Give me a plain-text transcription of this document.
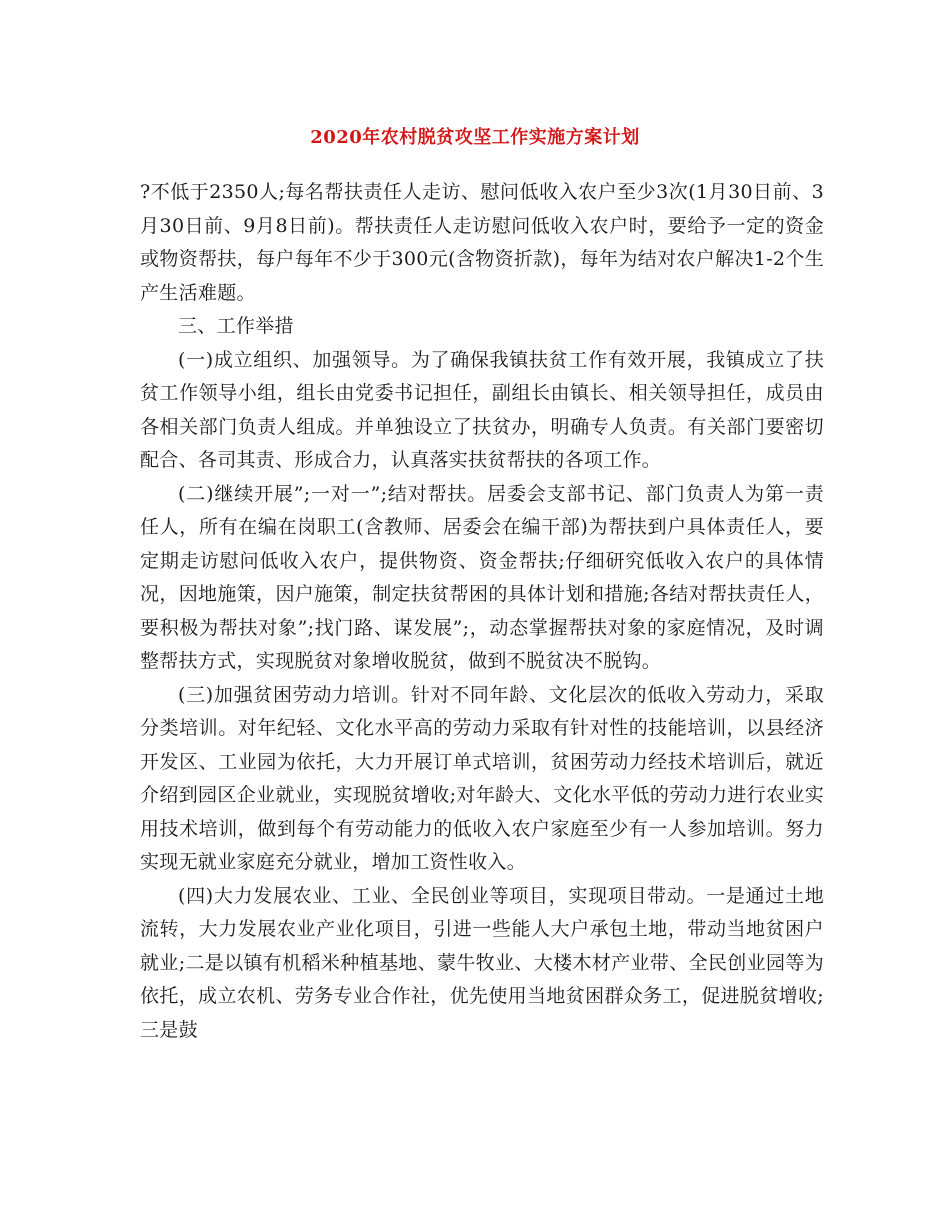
2020年农村脱贫攻坚工作实施方案计划

?不低于2350人;每名帮扶责任人走访、慰问低收入农户至少3次(1月30日前、3月30日前、9月8日前)。帮扶责任人走访慰问低收入农户时，要给予一定的资金或物资帮扶，每户每年不少于300元(含物资折款)，每年为结对农户解决1-2个生产生活难题。

三、工作举措

(一)成立组织、加强领导。为了确保我镇扶贫工作有效开展，我镇成立了扶贫工作领导小组，组长由党委书记担任，副组长由镇长、相关领导担任，成员由各相关部门负责人组成。并单独设立了扶贫办，明确专人负责。有关部门要密切配合、各司其责、形成合力，认真落实扶贫帮扶的各项工作。

(二)继续开展”;一对一”;结对帮扶。居委会支部书记、部门负责人为第一责任人，所有在编在岗职工(含教师、居委会在编干部)为帮扶到户具体责任人，要定期走访慰问低收入农户，提供物资、资金帮扶;仔细研究低收入农户的具体情况，因地施策，因户施策，制定扶贫帮困的具体计划和措施;各结对帮扶责任人，要积极为帮扶对象”;找门路、谋发展”;，动态掌握帮扶对象的家庭情况，及时调整帮扶方式，实现脱贫对象增收脱贫，做到不脱贫决不脱钩。

(三)加强贫困劳动力培训。针对不同年龄、文化层次的低收入劳动力，采取分类培训。对年纪轻、文化水平高的劳动力采取有针对性的技能培训，以县经济开发区、工业园为依托，大力开展订单式培训，贫困劳动力经技术培训后，就近介绍到园区企业就业，实现脱贫增收;对年龄大、文化水平低的劳动力进行农业实用技术培训，做到每个有劳动能力的低收入农户家庭至少有一人参加培训。努力实现无就业家庭充分就业，增加工资性收入。

(四)大力发展农业、工业、全民创业等项目，实现项目带动。一是通过土地流转，大力发展农业产业化项目，引进一些能人大户承包土地，带动当地贫困户就业;二是以镇有机稻米种植基地、蒙牛牧业、大楼木材产业带、全民创业园等为依托，成立农机、劳务专业合作社，优先使用当地贫困群众务工，促进脱贫增收;三是鼓
